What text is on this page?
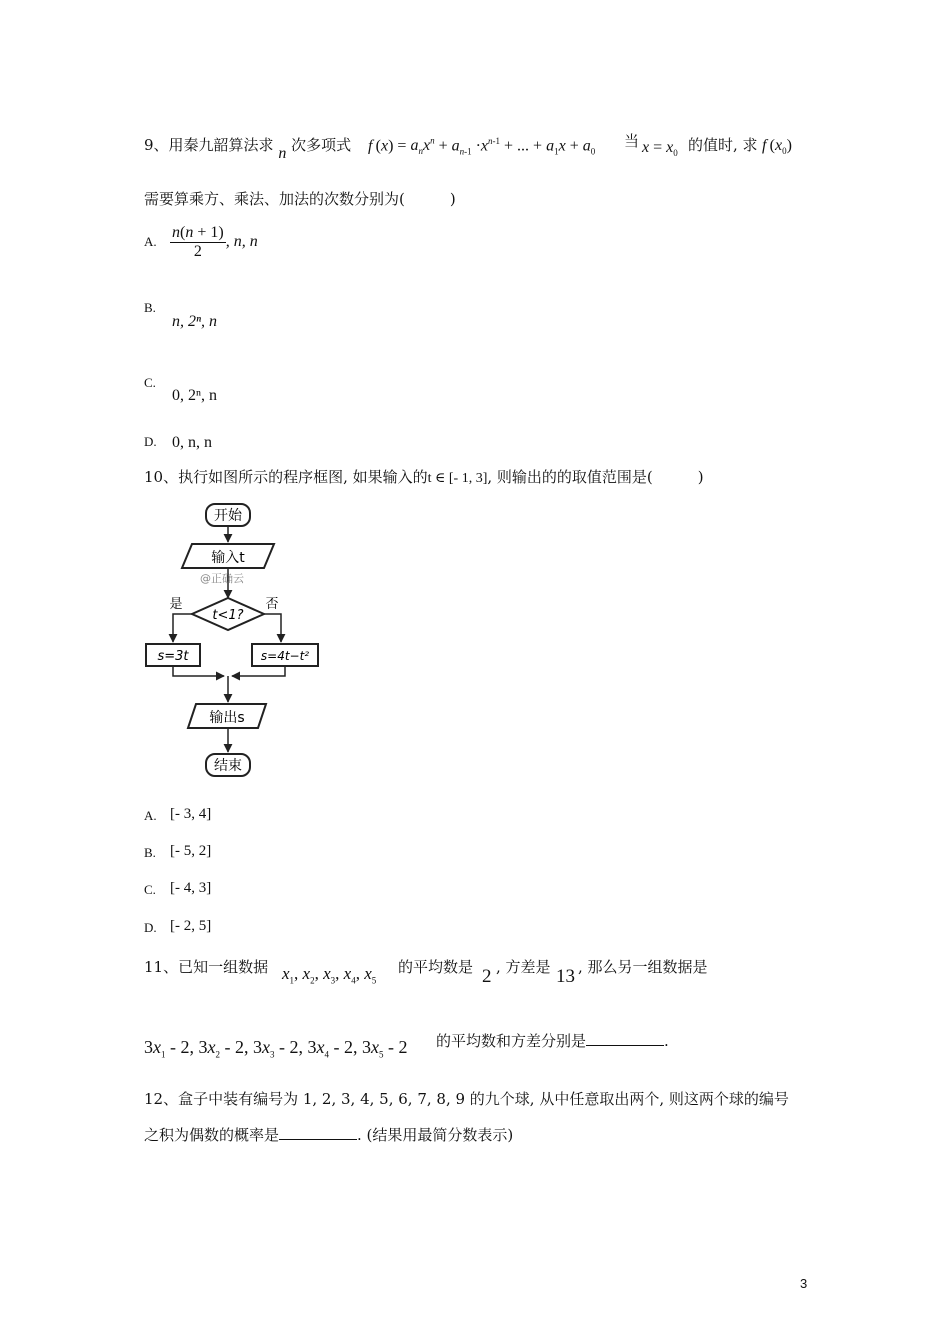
9、用秦九韶算法求 n 次多项式 f $(x) = a_nx^n + a_{n-1} \cdot x^{n-1}$ + ... + $a_1x + a_0$
当 $x = x_0$ 的值时, 求 f $(x_0)$
需要算乘方、乘法、加法的次数分别为(　　　)
A. $\frac{n(n + 1)}{2}$ , n, n
B.
n, 2ⁿ, n
C.
0, 2ⁿ, n
D. 0, n, n
10、执行如图所示的程序框图, 如果输入的t ∈ [- 1, 3], 则输出的的取值范围是(　　　)
开始
输入t
@正确云
t<1?
是	否
s=3t	s=4t−t²
输出s
结束
A. [- 3, 4]
B. [- 5, 2]
C. [- 4, 3]
D. [- 2, 5]
11、已知一组数据 $x_1$, $x_2$, $x_3$, $x_4$, $x_5$
的平均数是 2 , 方差是 13 , 那么另一组数据是
$3x_1 - 2$, $3x_2 - 2$, $3x_3 - 2$, $3x_4 - 2$, $3x_5 - 2$ 的平均数和方差分别是	.
12、盒子中装有编号为 1, 2, 3, 4, 5, 6, 7, 8, 9 的九个球, 从中任意取出两个, 则这两个球的编号
之积为偶数的概率是	. (结果用最简分数表示)
3
